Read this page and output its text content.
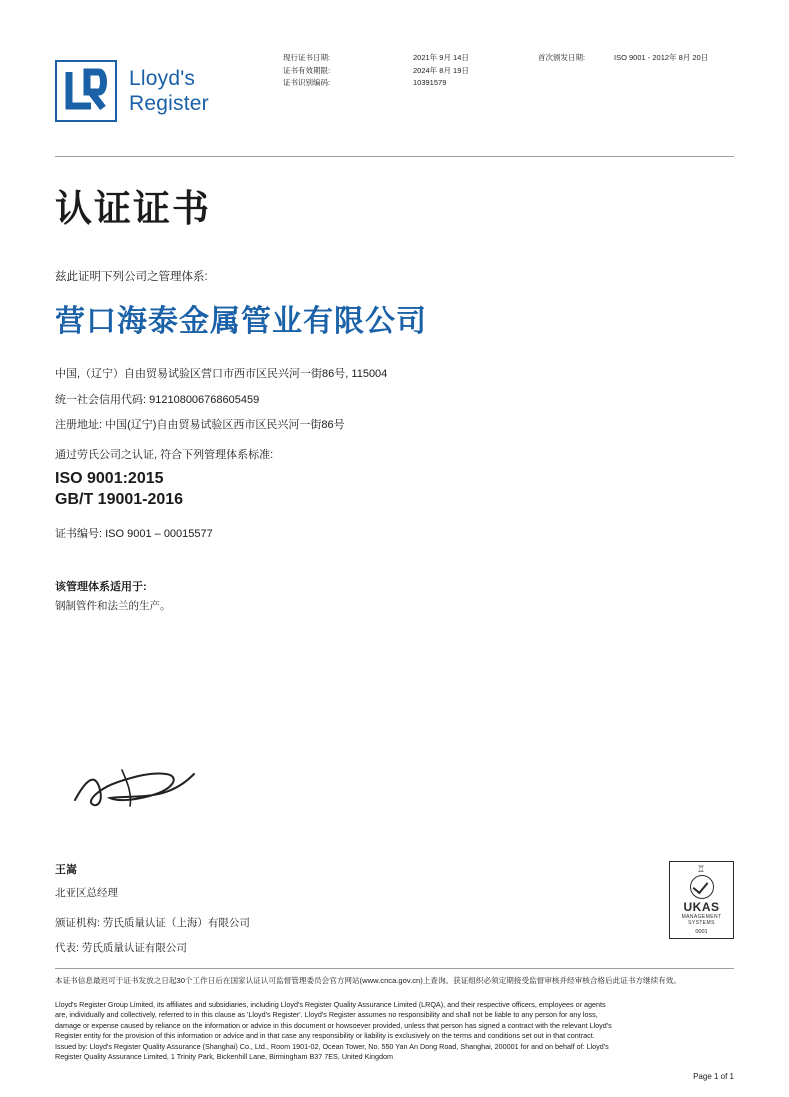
Lloyd's
Register
现行证书日期:
证书有效期限:
证书识别编码:
2021年 9月 14日
2024年 8月 19日
10391579
首次颁发日期:	ISO 9001 - 2012年 8月 20日
认证证书
兹此证明下列公司之管理体系:
营口海泰金属管业有限公司
中国,（辽宁）自由贸易试验区营口市西市区民兴河一街86号, 115004
统一社会信用代码: 912108006768605459
注册地址: 中国(辽宁)自由贸易试验区西市区民兴河一街86号
通过劳氏公司之认证, 符合下列管理体系标准:
ISO 9001:2015
GB/T 19001-2016
证书编号: ISO 9001 – 00015577
该管理体系适用于:
钢制管件和法兰的生产。
王嵩
北亚区总经理
颁证机构: 劳氏质量认证（上海）有限公司
代表: 劳氏质量认证有限公司
♖
UKAS
MANAGEMENT
SYSTEMS
0001
本证书信息最迟可于证书发放之日起30个工作日后在国家认证认可监督管理委员会官方网站(www.cnca.gov.cn)上查询。获证组织必须定期接受监督审核并经审核合格后此证书方继续有效。

Lloyd's Register Group Limited, its affiliates and subsidiaries, including Lloyd's Register Quality Assurance Limited (LRQA), and their respective officers, employees or agents

are, individually and collectively, referred to in this clause as 'Lloyd's Register'. Lloyd's Register assumes no responsibility and shall not be liable to any person for any loss,

damage or expense caused by reliance on the information or advice in this document or howsoever provided, unless that person has signed a contract with the relevant Lloyd's

Register entity for the provision of this information or advice and in that case any responsibility or liability is exclusively on the terms and conditions set out in that contract.

Issued by: Lloyd's Register Quality Assurance (Shanghai) Co., Ltd., Room 1901-02, Ocean Tower, No. 550 Yan An Dong Road, Shanghai, 200001 for and on behalf of: Lloyd's

Register Quality Assurance Limited, 1 Trinity Park, Bickenhill Lane, Birmingham B37 7ES, United Kingdom

Page 1 of 1
